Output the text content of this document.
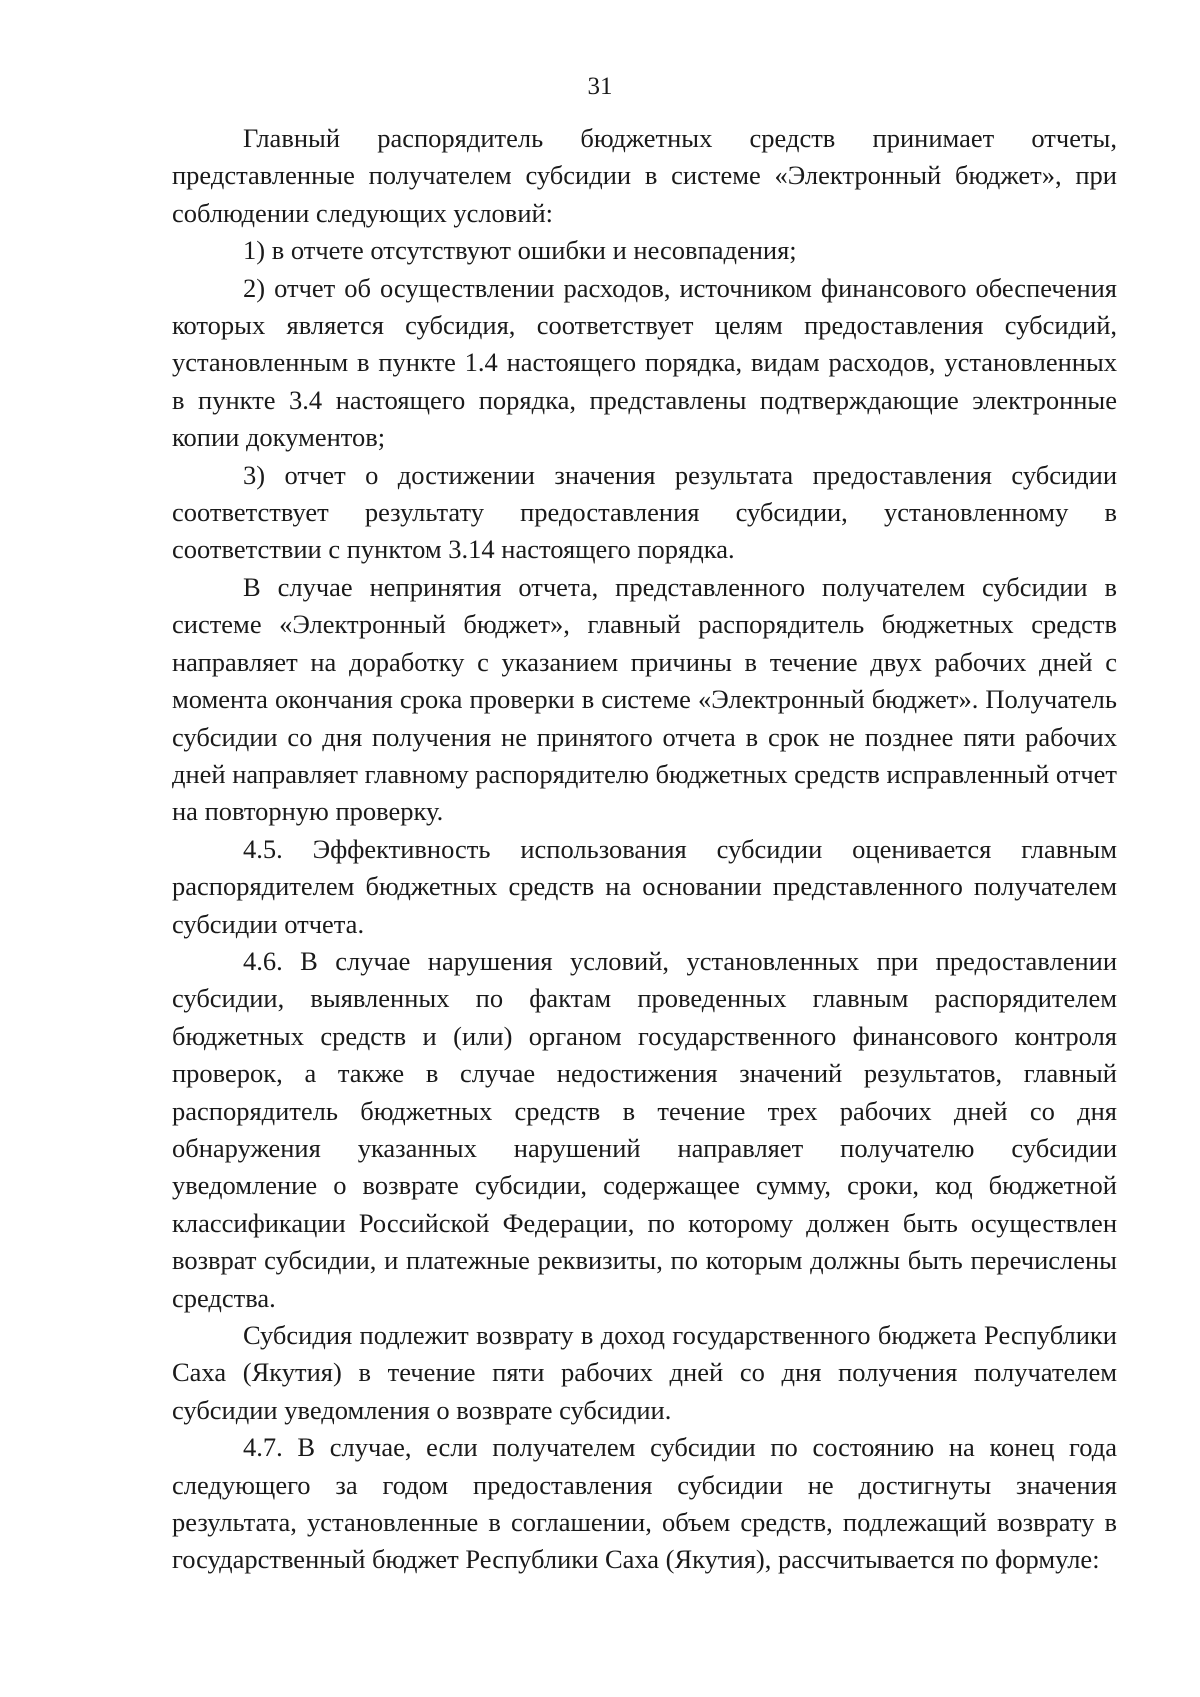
31

Главный распорядитель бюджетных средств принимает отчеты, представленные получателем субсидии в системе «Электронный бюджет», при соблюдении следующих условий:

1) в отчете отсутствуют ошибки и несовпадения;

2) отчет об осуществлении расходов, источником финансового обеспечения которых является субсидия, соответствует целям предоставления субсидий, установленным в пункте 1.4 настоящего порядка, видам расходов, установленных в пункте 3.4 настоящего порядка, представлены подтверждающие электронные копии документов;

3) отчет о достижении значения результата предоставления субсидии соответствует результату предоставления субсидии, установленному в соответствии с пунктом 3.14 настоящего порядка.

В случае непринятия отчета, представленного получателем субсидии в системе «Электронный бюджет», главный распорядитель бюджетных средств направляет на доработку с указанием причины в течение двух рабочих дней с момента окончания срока проверки в системе «Электронный бюджет». Получатель субсидии со дня получения не принятого отчета в срок не позднее пяти рабочих дней направляет главному распорядителю бюджетных средств исправленный отчет на повторную проверку.

4.5. Эффективность использования субсидии оценивается главным распорядителем бюджетных средств на основании представленного получателем субсидии отчета.

4.6. В случае нарушения условий, установленных при предоставлении субсидии, выявленных по фактам проведенных главным распорядителем бюджетных средств и (или) органом государственного финансового контроля проверок, а также в случае недостижения значений результатов, главный распорядитель бюджетных средств в течение трех рабочих дней со дня обнаружения указанных нарушений направляет получателю субсидии уведомление о возврате субсидии, содержащее сумму, сроки, код бюджетной классификации Российской Федерации, по которому должен быть осуществлен возврат субсидии, и платежные реквизиты, по которым должны быть перечислены средства.

Субсидия подлежит возврату в доход государственного бюджета Республики Саха (Якутия) в течение пяти рабочих дней со дня получения получателем субсидии уведомления о возврате субсидии.

4.7. В случае, если получателем субсидии по состоянию на конец года следующего за годом предоставления субсидии не достигнуты значения результата, установленные в соглашении, объем средств, подлежащий возврату в государственный бюджет Республики Саха (Якутия), рассчитывается по формуле:
